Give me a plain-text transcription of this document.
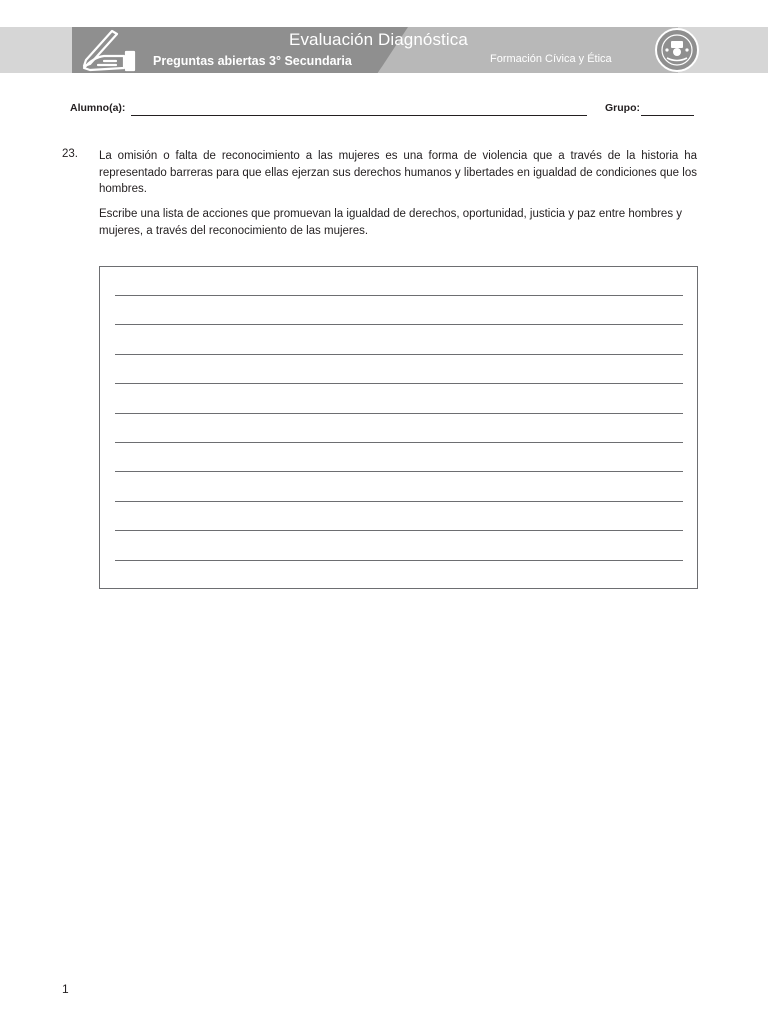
Evaluación Diagnóstica
Preguntas abiertas 3° Secundaria	Formación Cívica y Ética
Alumno(a):	Grupo:
23. La omisión o falta de reconocimiento a las mujeres es una forma de violencia que a través de la historia ha representado barreras para que ellas ejerzan sus derechos humanos y libertades en igualdad de condiciones que los hombres.
Escribe una lista de acciones que promuevan la igualdad de derechos, oportunidad, justicia y paz entre hombres y mujeres, a través del reconocimiento de las mujeres.
1
